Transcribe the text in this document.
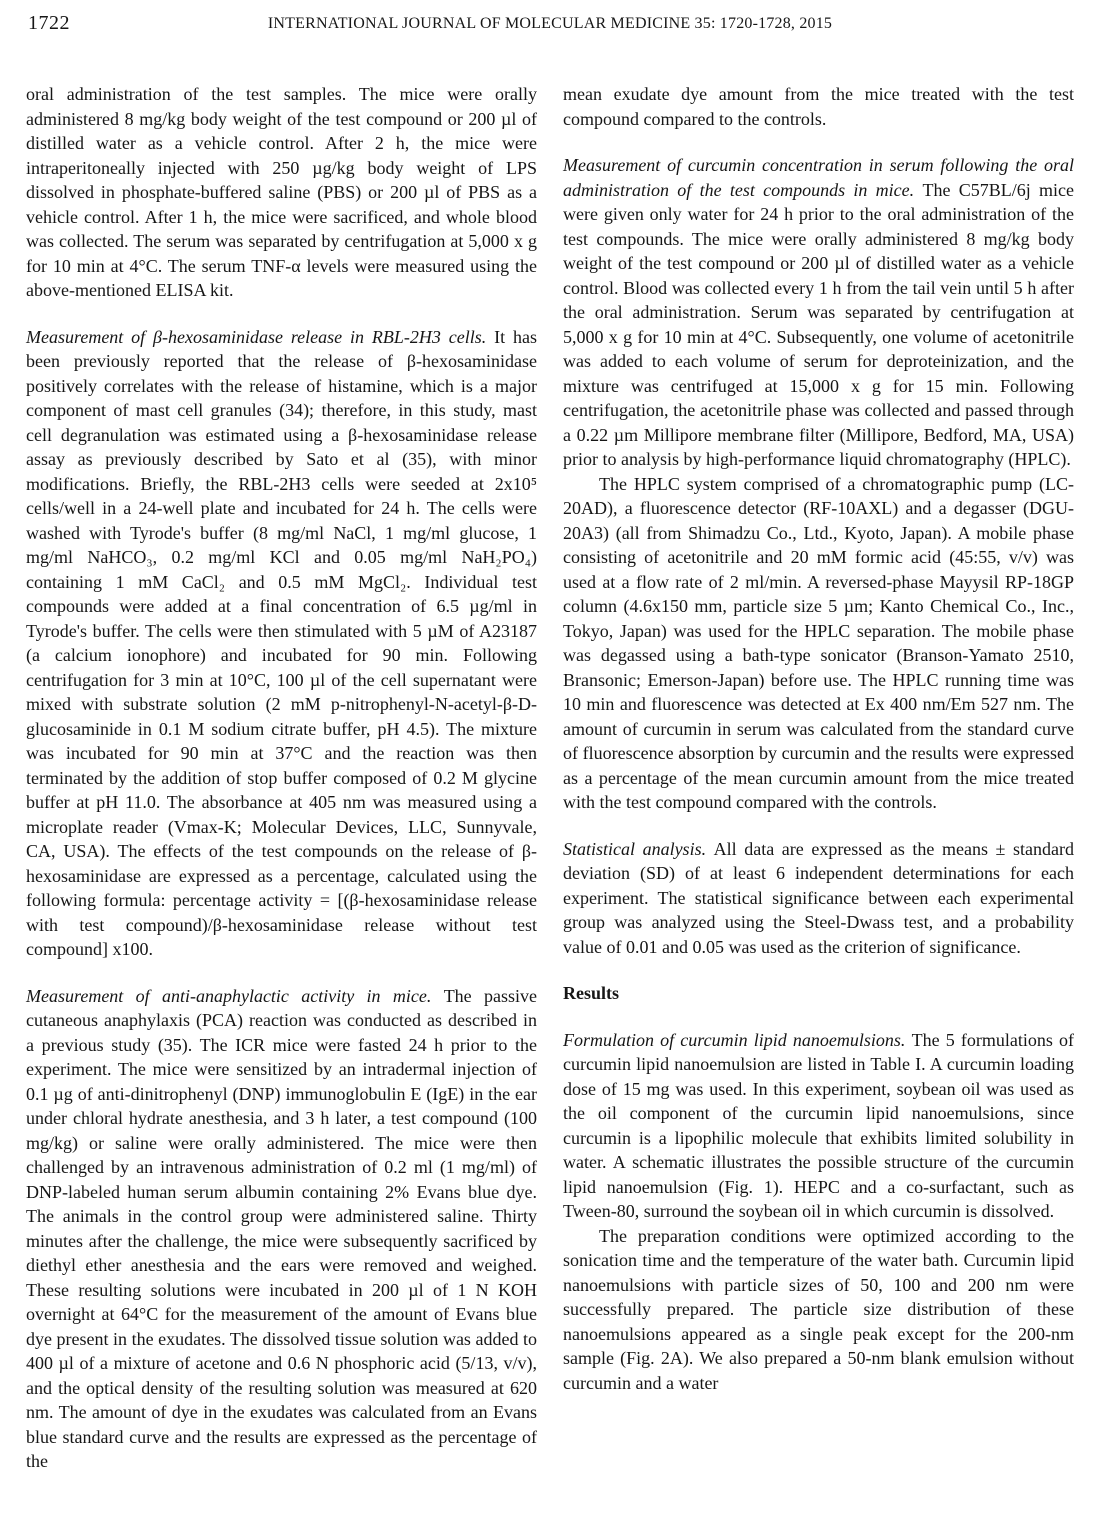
1722	INTERNATIONAL JOURNAL OF MOLECULAR MEDICINE 35: 1720-1728, 2015

oral administration of the test samples. The mice were orally administered 8 mg/kg body weight of the test compound or 200 µl of distilled water as a vehicle control. After 2 h, the mice were intraperitoneally injected with 250 µg/kg body weight of LPS dissolved in phosphate-buffered saline (PBS) or 200 µl of PBS as a vehicle control. After 1 h, the mice were sacrificed, and whole blood was collected. The serum was separated by centrifugation at 5,000 x g for 10 min at 4°C. The serum TNF-α levels were measured using the above-mentioned ELISA kit.

Measurement of β-hexosaminidase release in RBL-2H3 cells. It has been previously reported that the release of β-hexosaminidase positively correlates with the release of histamine, which is a major component of mast cell granules (34); therefore, in this study, mast cell degranulation was estimated using a β-hexosaminidase release assay as previously described by Sato et al (35), with minor modifications. Briefly, the RBL-2H3 cells were seeded at 2x10⁵ cells/well in a 24-well plate and incubated for 24 h. The cells were washed with Tyrode's buffer (8 mg/ml NaCl, 1 mg/ml glucose, 1 mg/ml NaHCO₃, 0.2 mg/ml KCl and 0.05 mg/ml NaH₂PO₄) containing 1 mM CaCl₂ and 0.5 mM MgCl₂. Individual test compounds were added at a final concentration of 6.5 µg/ml in Tyrode's buffer. The cells were then stimulated with 5 µM of A23187 (a calcium ionophore) and incubated for 90 min. Following centrifugation for 3 min at 10°C, 100 µl of the cell supernatant were mixed with substrate solution (2 mM p-nitrophenyl-N-acetyl-β-D-glucosaminide in 0.1 M sodium citrate buffer, pH 4.5). The mixture was incubated for 90 min at 37°C and the reaction was then terminated by the addition of stop buffer composed of 0.2 M glycine buffer at pH 11.0. The absorbance at 405 nm was measured using a microplate reader (Vmax-K; Molecular Devices, LLC, Sunnyvale, CA, USA). The effects of the test compounds on the release of β-hexosaminidase are expressed as a percentage, calculated using the following formula: percentage activity = [(β-hexosaminidase release with test compound)/β-hexosaminidase release without test compound] x100.

Measurement of anti-anaphylactic activity in mice. The passive cutaneous anaphylaxis (PCA) reaction was conducted as described in a previous study (35). The ICR mice were fasted 24 h prior to the experiment. The mice were sensitized by an intradermal injection of 0.1 µg of anti-dinitrophenyl (DNP) immunoglobulin E (IgE) in the ear under chloral hydrate anesthesia, and 3 h later, a test compound (100 mg/kg) or saline were orally administered. The mice were then challenged by an intravenous administration of 0.2 ml (1 mg/ml) of DNP-labeled human serum albumin containing 2% Evans blue dye. The animals in the control group were administered saline. Thirty minutes after the challenge, the mice were subsequently sacrificed by diethyl ether anesthesia and the ears were removed and weighed. These resulting solutions were incubated in 200 µl of 1 N KOH overnight at 64°C for the measurement of the amount of Evans blue dye present in the exudates. The dissolved tissue solution was added to 400 µl of a mixture of acetone and 0.6 N phosphoric acid (5/13, v/v), and the optical density of the resulting solution was measured at 620 nm. The amount of dye in the exudates was calculated from an Evans blue standard curve and the results are expressed as the percentage of the

mean exudate dye amount from the mice treated with the test compound compared to the controls.

Measurement of curcumin concentration in serum following the oral administration of the test compounds in mice. The C57BL/6j mice were given only water for 24 h prior to the oral administration of the test compounds. The mice were orally administered 8 mg/kg body weight of the test compound or 200 µl of distilled water as a vehicle control. Blood was collected every 1 h from the tail vein until 5 h after the oral administration. Serum was separated by centrifugation at 5,000 x g for 10 min at 4°C. Subsequently, one volume of acetonitrile was added to each volume of serum for deproteinization, and the mixture was centrifuged at 15,000 x g for 15 min. Following centrifugation, the acetonitrile phase was collected and passed through a 0.22 µm Millipore membrane filter (Millipore, Bedford, MA, USA) prior to analysis by high-performance liquid chromatography (HPLC).

The HPLC system comprised of a chromatographic pump (LC-20AD), a fluorescence detector (RF-10AXL) and a degasser (DGU-20A3) (all from Shimadzu Co., Ltd., Kyoto, Japan). A mobile phase consisting of acetonitrile and 20 mM formic acid (45:55, v/v) was used at a flow rate of 2 ml/min. A reversed-phase Mayysil RP-18GP column (4.6x150 mm, particle size 5 µm; Kanto Chemical Co., Inc., Tokyo, Japan) was used for the HPLC separation. The mobile phase was degassed using a bath-type sonicator (Branson-Yamato 2510, Bransonic; Emerson-Japan) before use. The HPLC running time was 10 min and fluorescence was detected at Ex 400 nm/Em 527 nm. The amount of curcumin in serum was calculated from the standard curve of fluorescence absorption by curcumin and the results were expressed as a percentage of the mean curcumin amount from the mice treated with the test compound compared with the controls.

Statistical analysis. All data are expressed as the means ± standard deviation (SD) of at least 6 independent determinations for each experiment. The statistical significance between each experimental group was analyzed using the Steel-Dwass test, and a probability value of 0.01 and 0.05 was used as the criterion of significance.

Results

Formulation of curcumin lipid nanoemulsions. The 5 formulations of curcumin lipid nanoemulsion are listed in Table I. A curcumin loading dose of 15 mg was used. In this experiment, soybean oil was used as the oil component of the curcumin lipid nanoemulsions, since curcumin is a lipophilic molecule that exhibits limited solubility in water. A schematic illustrates the possible structure of the curcumin lipid nanoemulsion (Fig. 1). HEPC and a co-surfactant, such as Tween-80, surround the soybean oil in which curcumin is dissolved.

The preparation conditions were optimized according to the sonication time and the temperature of the water bath. Curcumin lipid nanoemulsions with particle sizes of 50, 100 and 200 nm were successfully prepared. The particle size distribution of these nanoemulsions appeared as a single peak except for the 200-nm sample (Fig. 2A). We also prepared a 50-nm blank emulsion without curcumin and a water
